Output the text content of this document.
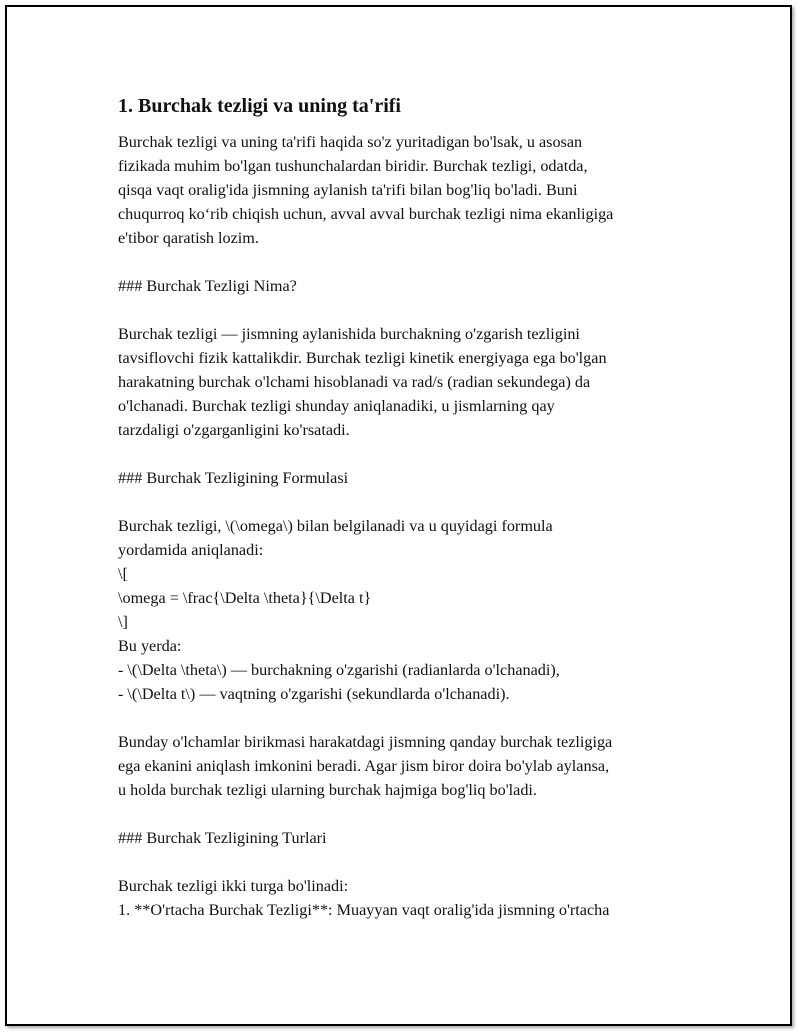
1. Burchak tezligi va uning ta'rifi
Burchak tezligi va uning ta'rifi haqida so'z yuritadigan bo'lsak, u asosan
fizikada muhim bo'lgan tushunchalardan biridir. Burchak tezligi, odatda,
qisqa vaqt oralig'ida jismning aylanish ta'rifi bilan bog'liq bo'ladi. Buni
chuqurroq ko‘rib chiqish uchun, avval avval burchak tezligi nima ekanligiga
e'tibor qaratish lozim.
### Burchak Tezligi Nima?
Burchak tezligi — jismning aylanishida burchakning o'zgarish tezligini
tavsiflovchi fizik kattalikdir. Burchak tezligi kinetik energiyaga ega bo'lgan
harakatning burchak o'lchami hisoblanadi va rad/s (radian sekundega) da
o'lchanadi. Burchak tezligi shunday aniqlanadiki, u jismlarning qay
tarzdaligi o'zgarganligini ko'rsatadi.
### Burchak Tezligining Formulasi
Burchak tezligi, \(\omega\) bilan belgilanadi va u quyidagi formula
yordamida aniqlanadi:
\[
\omega = \frac{\Delta \theta}{\Delta t}
\]
Bu yerda:
- \(\Delta \theta\) — burchakning o'zgarishi (radianlarda o'lchanadi),
- \(\Delta t\) — vaqtning o'zgarishi (sekundlarda o'lchanadi).
Bunday o'lchamlar birikmasi harakatdagi jismning qanday burchak tezligiga
ega ekanini aniqlash imkonini beradi. Agar jism biror doira bo'ylab aylansa,
u holda burchak tezligi ularning burchak hajmiga bog'liq bo'ladi.
### Burchak Tezligining Turlari
Burchak tezligi ikki turga bo'linadi:
1. **O'rtacha Burchak Tezligi**: Muayyan vaqt oralig'ida jismning o'rtacha
